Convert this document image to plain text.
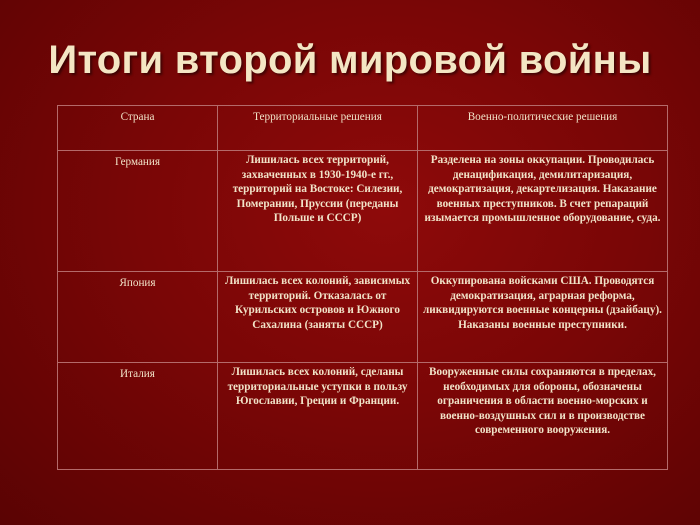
Итоги второй мировой войны
Страна	Территориальные решения	Военно-политические решения
Германия	Лишилась всех территорий, захваченных в 1930-1940-е гг., территорий на Востоке: Силезии, Померании, Пруссии (переданы Польше и СССР)	Разделена на зоны оккупации. Проводилась денацификация, демилитаризация, демократизация, декартелизация. Наказание военных преступников. В счет репараций изымается промышленное оборудование, суда.
Япония	Лишилась всех колоний, зависимых территорий. Отказалась от Курильских островов и Южного Сахалина (заняты СССР)	Оккупирована войсками США. Проводятся демократизация, аграрная реформа, ликвидируются военные концерны (дзайбацу). Наказаны военные преступники.
Италия	Лишилась всех колоний, сделаны территориальные уступки в пользу Югославии, Греции и Франции.	Вооруженные силы сохраняются в пределах, необходимых для обороны, обозначены ограничения в области военно-морских и военно-воздушных сил и в производстве современного вооружения.
